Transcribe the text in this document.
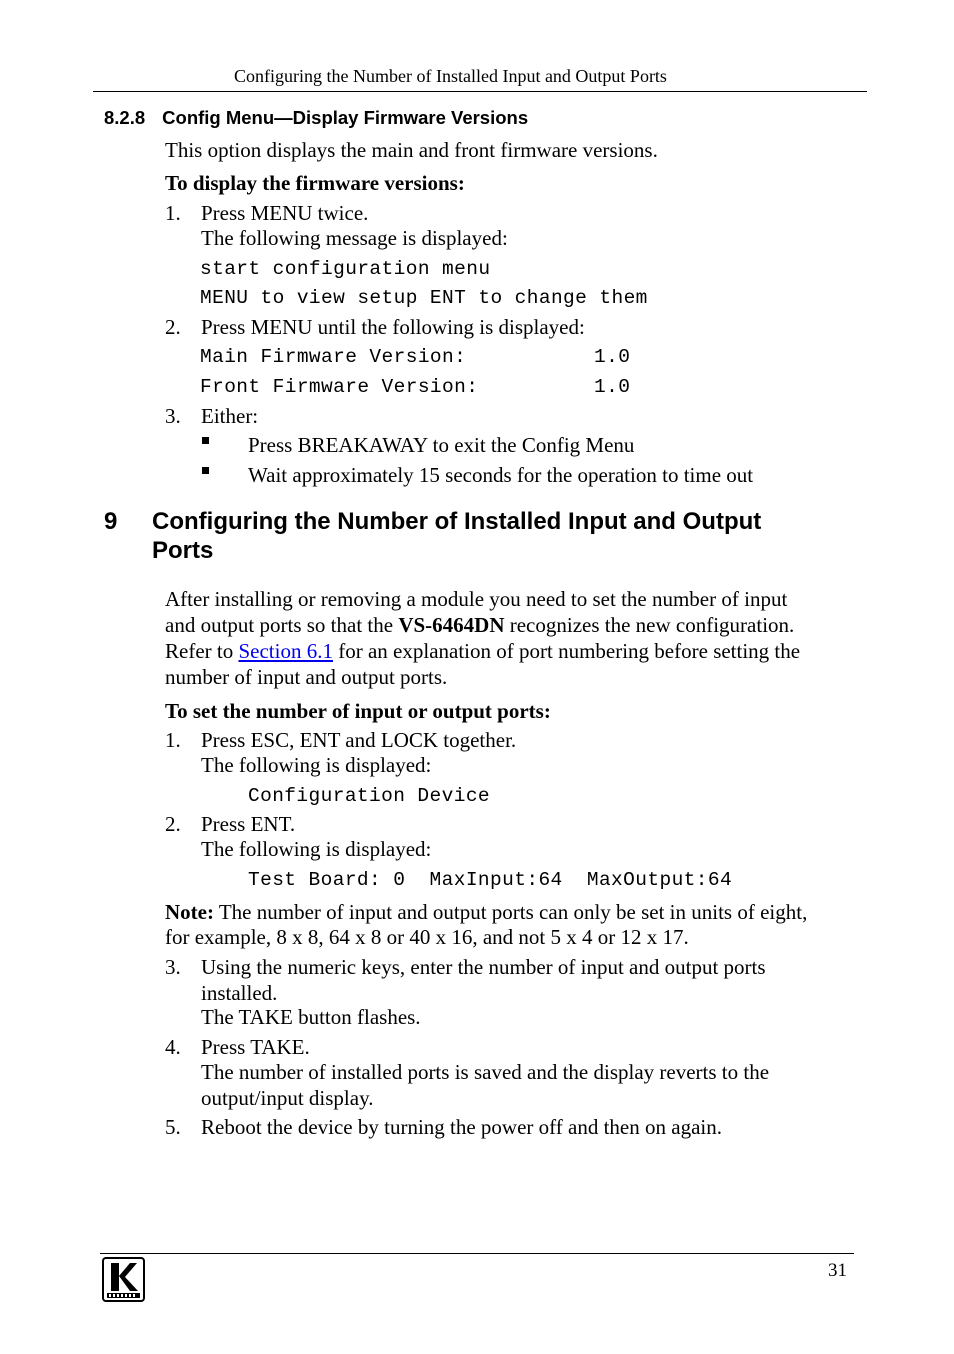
Configuring the Number of Installed Input and Output Ports
8.2.8 Config Menu—Display Firmware Versions
This option displays the main and front firmware versions.
To display the firmware versions:
1. Press MENU twice.
The following message is displayed:
start configuration menu
MENU to view setup ENT to change them
2. Press MENU until the following is displayed:
Main Firmware Version:	1.0
Front Firmware Version:	1.0
3. Either:
Press BREAKAWAY to exit the Config Menu
Wait approximately 15 seconds for the operation to time out
9 Configuring the Number of Installed Input and Output
Ports
After installing or removing a module you need to set the number of input
and output ports so that the VS-6464DN recognizes the new configuration.
Refer to Section 6.1 for an explanation of port numbering before setting the
number of input and output ports.
To set the number of input or output ports:
1. Press ESC, ENT and LOCK together.
The following is displayed:
Configuration Device
2. Press ENT.
The following is displayed:
Test Board: 0  MaxInput:64  MaxOutput:64
Note: The number of input and output ports can only be set in units of eight,
for example, 8 x 8, 64 x 8 or 40 x 16, and not 5 x 4 or 12 x 17.
3. Using the numeric keys, enter the number of input and output ports
installed.
The TAKE button flashes.
4. Press TAKE.
The number of installed ports is saved and the display reverts to the
output/input display.
5. Reboot the device by turning the power off and then on again.
31
